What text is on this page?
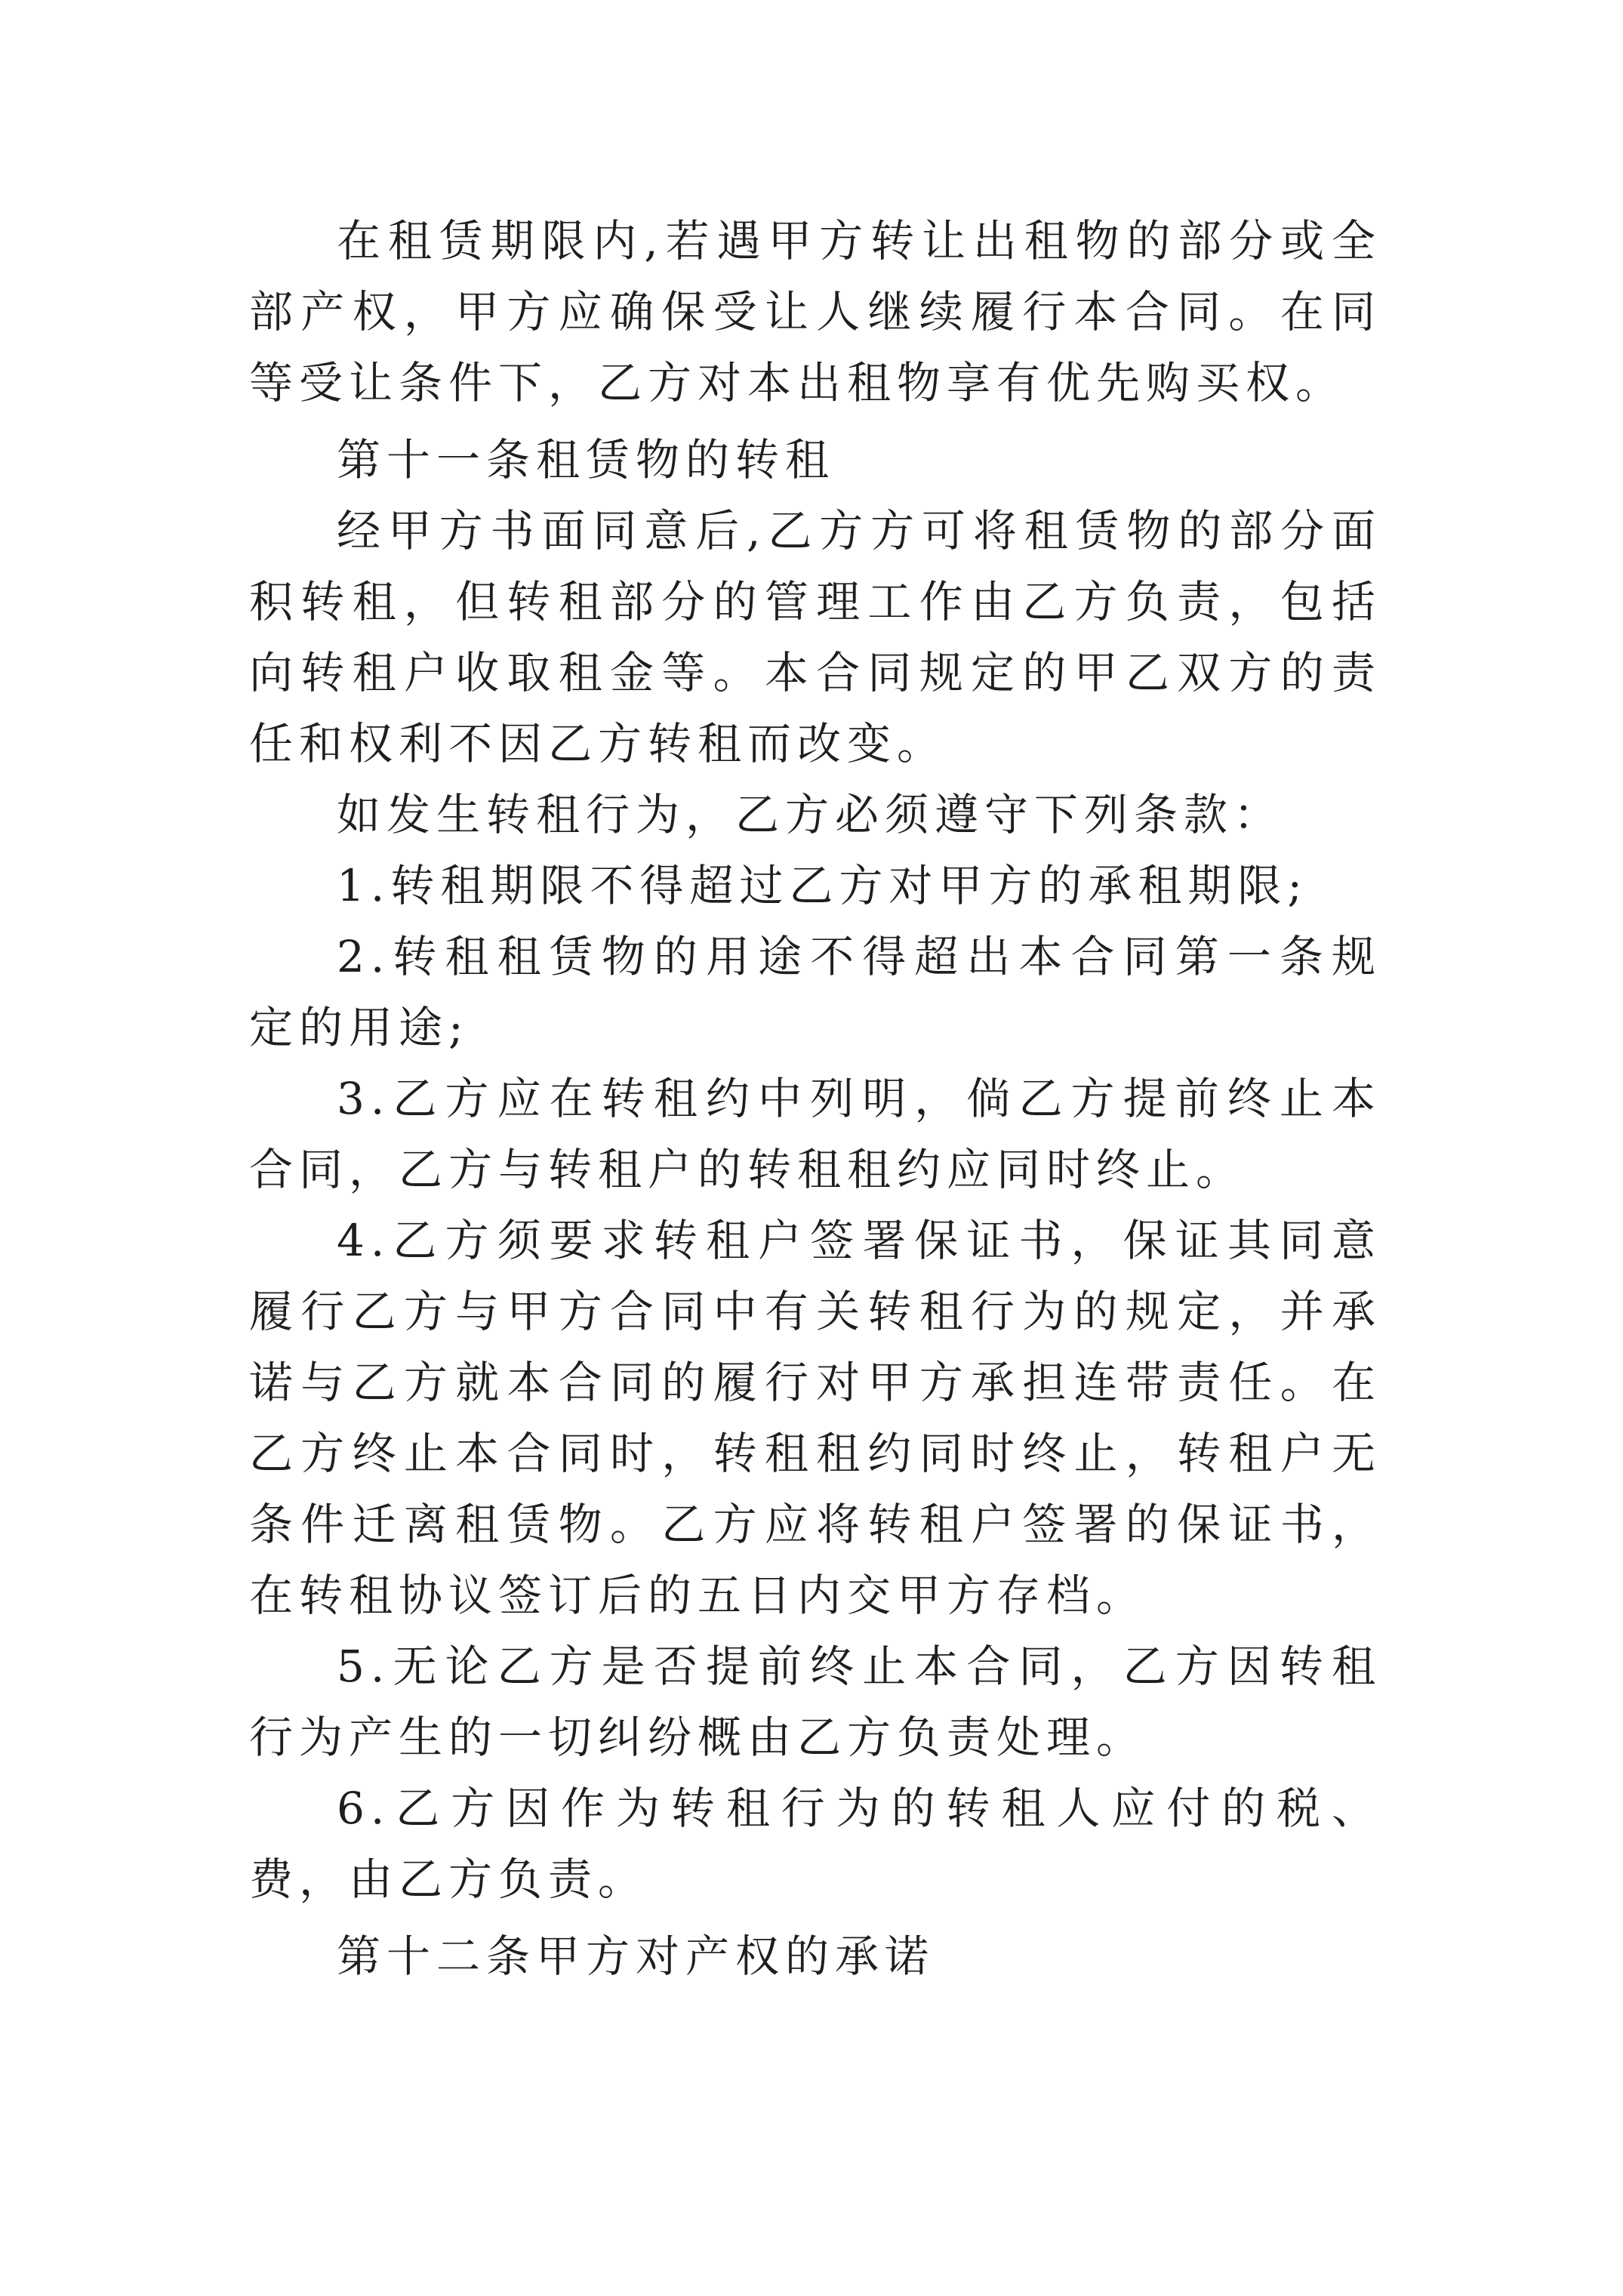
在租赁期限内,若遇甲方转让出租物的部分或全部产权，甲方应确保受让人继续履行本合同。在同等受让条件下，乙方对本出租物享有优先购买权。

第十一条租赁物的转租

经甲方书面同意后,乙方方可将租赁物的部分面积转租，但转租部分的管理工作由乙方负责，包括向转租户收取租金等。本合同规定的甲乙双方的责任和权利不因乙方转租而改变。

如发生转租行为，乙方必须遵守下列条款：

1.转租期限不得超过乙方对甲方的承租期限;

2.转租租赁物的用途不得超出本合同第一条规定的用途;

3.乙方应在转租约中列明，倘乙方提前终止本合同，乙方与转租户的转租租约应同时终止。

4.乙方须要求转租户签署保证书，保证其同意履行乙方与甲方合同中有关转租行为的规定，并承诺与乙方就本合同的履行对甲方承担连带责任。在乙方终止本合同时，转租租约同时终止，转租户无条件迁离租赁物。乙方应将转租户签署的保证书，在转租协议签订后的五日内交甲方存档。

5.无论乙方是否提前终止本合同，乙方因转租行为产生的一切纠纷概由乙方负责处理。

6.乙方因作为转租行为的转租人应付的税、费，由乙方负责。

第十二条甲方对产权的承诺
